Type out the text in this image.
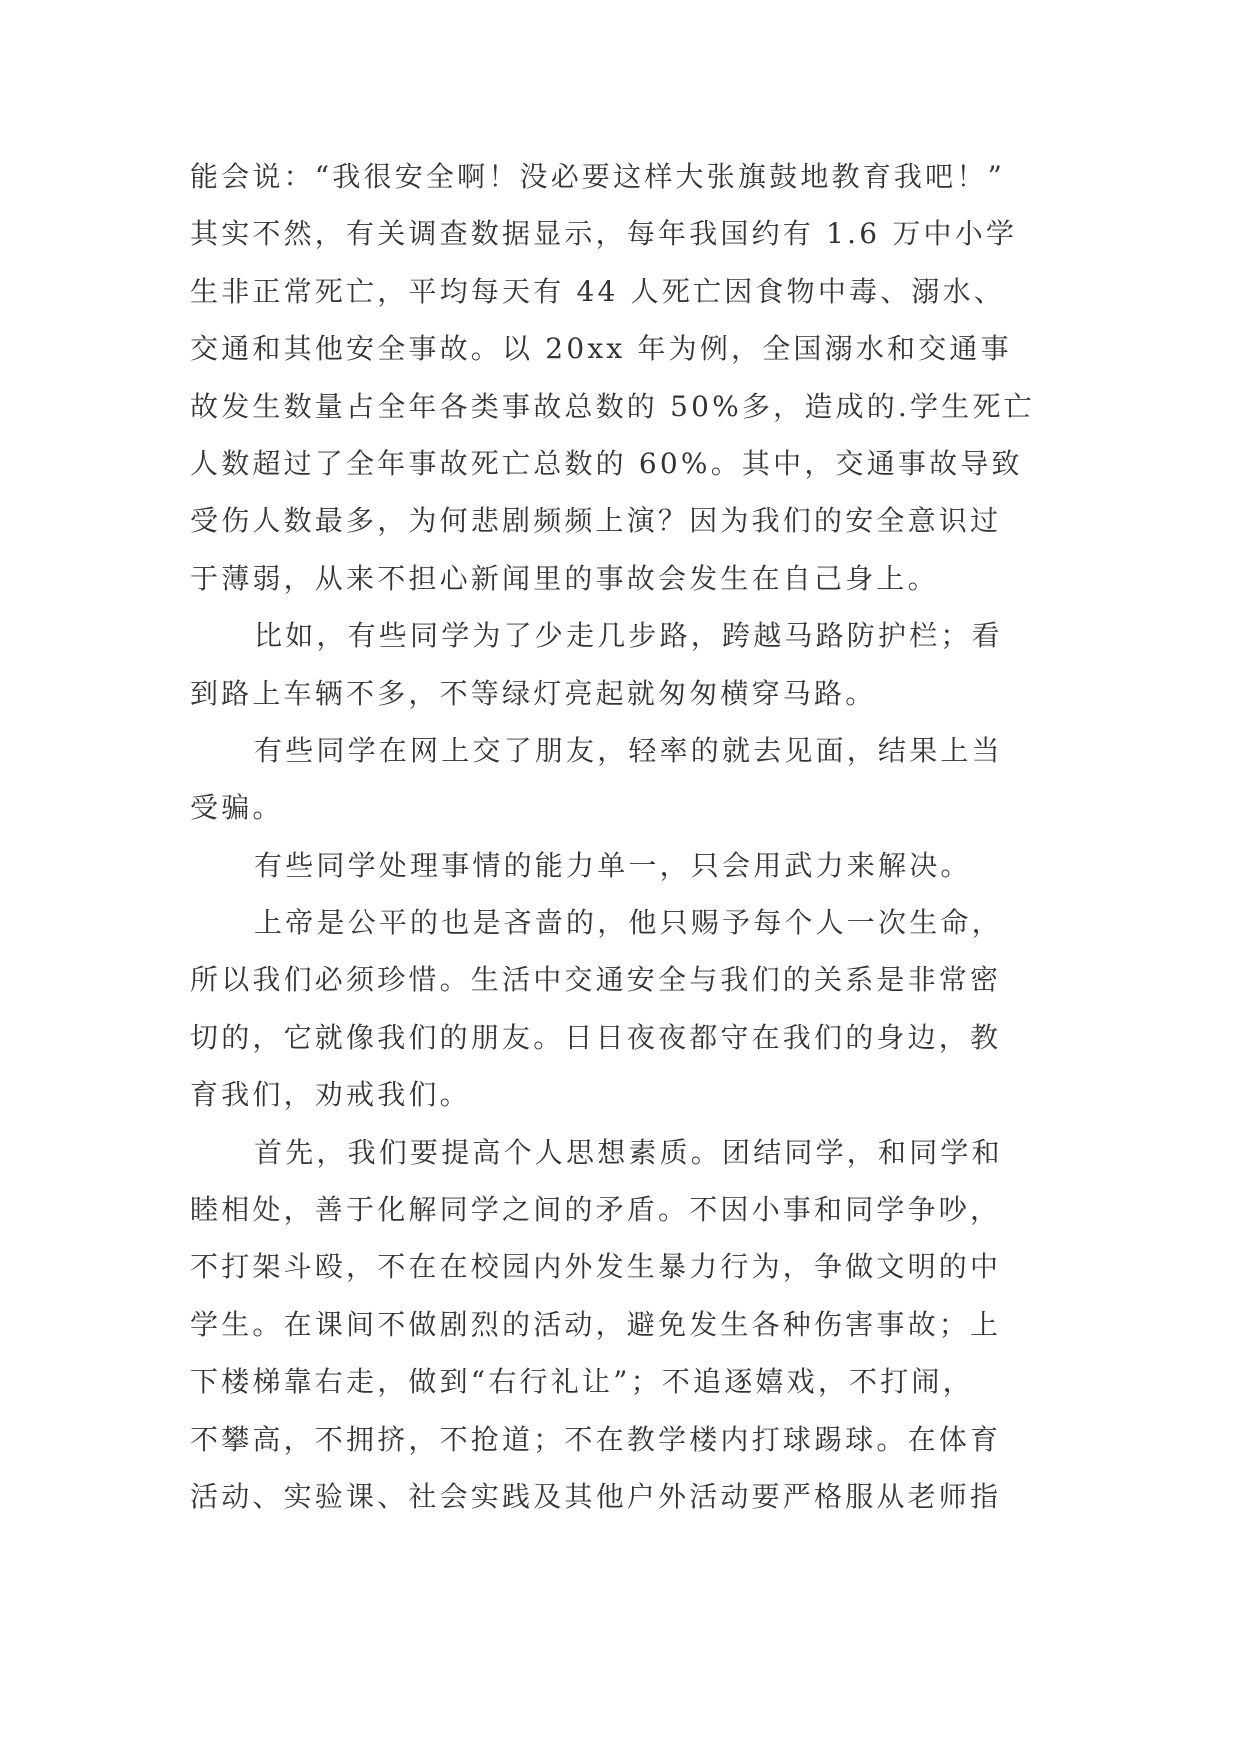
能会说：“我很安全啊！没必要这样大张旗鼓地教育我吧！”
其实不然，有关调查数据显示，每年我国约有 1.6 万中小学
生非正常死亡，平均每天有 44 人死亡因食物中毒、溺水、
交通和其他安全事故。以 20xx 年为例，全国溺水和交通事
故发生数量占全年各类事故总数的 50%多，造成的.学生死亡
人数超过了全年事故死亡总数的 60%。其中，交通事故导致
受伤人数最多，为何悲剧频频上演？因为我们的安全意识过
于薄弱，从来不担心新闻里的事故会发生在自己身上。
比如，有些同学为了少走几步路，跨越马路防护栏；看
到路上车辆不多，不等绿灯亮起就匆匆横穿马路。
有些同学在网上交了朋友，轻率的就去见面，结果上当
受骗。
有些同学处理事情的能力单一，只会用武力来解决。
上帝是公平的也是吝啬的，他只赐予每个人一次生命，
所以我们必须珍惜。生活中交通安全与我们的关系是非常密
切的，它就像我们的朋友。日日夜夜都守在我们的身边，教
育我们，劝戒我们。
首先，我们要提高个人思想素质。团结同学，和同学和
睦相处，善于化解同学之间的矛盾。不因小事和同学争吵，
不打架斗殴，不在在校园内外发生暴力行为，争做文明的中
学生。在课间不做剧烈的活动，避免发生各种伤害事故；上
下楼梯靠右走，做到“右行礼让”；不追逐嬉戏，不打闹，
不攀高，不拥挤，不抢道；不在教学楼内打球踢球。在体育
活动、实验课、社会实践及其他户外活动要严格服从老师指
